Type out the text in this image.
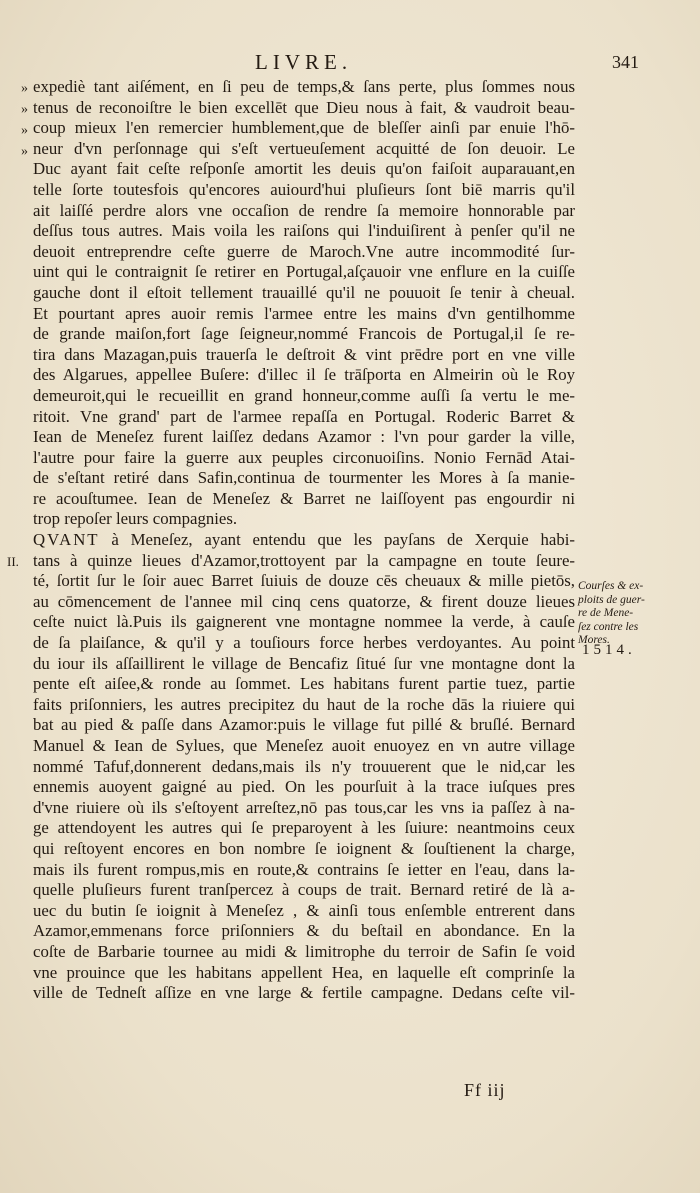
LIVRE.	341
»
»
»
»
expediè tant aiſément, en ſi peu de temps,& ſans perte, plus ſommes nous
tenus de reconoiſtre le bien excellēt que Dieu nous à fait, & vaudroit beau-
coup mieux l'en remercier humblement,que de bleſſer ainſi par enuie l'hō-
neur d'vn perſonnage qui s'eſt vertueuſement acquitté de ſon deuoir. Le
Duc ayant fait ceſte reſponſe amortit les deuis qu'on faiſoit auparauant,en
telle ſorte toutesfois qu'encores auiourd'hui pluſieurs ſont biē marris qu'il
ait laiſſé perdre alors vne occaſion de rendre ſa memoire honnorable par
deſſus tous autres. Mais voila les raiſons qui l'induiſirent à penſer qu'il ne
deuoit entreprendre ceſte guerre de Maroch.Vne autre incommodité ſur-
uint qui le contraignit ſe retirer en Portugal,aſçauoir vne enflure en la cuiſſe
gauche dont il eſtoit tellement trauaillé qu'il ne pouuoit ſe tenir à cheual.
Et pourtant apres auoir remis l'armee entre les mains d'vn gentilhomme
de grande maiſon,fort ſage ſeigneur,nommé Francois de Portugal,il ſe re-
tira dans Mazagan,puis trauerſa le deſtroit & vint prēdre port en vne ville
des Algarues, appellee Buſere: d'illec il ſe trāſporta en Almeirin où le Roy
demeuroit,qui le recueillit en grand honneur,comme auſſi ſa vertu le me-
ritoit. Vne grand' part de l'armee repaſſa en Portugal. Roderic Barret &
Iean de Meneſez furent laiſſez dedans Azamor : l'vn pour garder la ville,
l'autre pour faire la guerre aux peuples circonuoiſins. Nonio Fernād Atai-
de s'eſtant retiré dans Safin,continua de tourmenter les Mores à ſa manie-
re acouſtumee. Iean de Meneſez & Barret ne laiſſoyent pas engourdir ni
trop repoſer leurs compagnies.
II.
QVANT à Meneſez, ayant entendu que les payſans de Xerquie habi-
tans à quinze lieues d'Azamor,trottoyent par la campagne en toute ſeure-
té, ſortit ſur le ſoir auec Barret ſuiuis de douze cēs cheuaux & mille pietōs,
au cōmencement de l'annee mil cinq cens quatorze, & firent douze lieues
ceſte nuict là.Puis ils gaignerent vne montagne nommee la verde, à cauſe
de ſa plaiſance, & qu'il y a touſiours force herbes verdoyantes. Au point
du iour ils aſſaillirent le village de Bencafiz ſitué ſur vne montagne dont la
pente eſt aiſee,& ronde au ſommet. Les habitans furent partie tuez, partie
faits priſonniers, les autres precipitez du haut de la roche dās la riuiere qui
bat au pied & paſſe dans Azamor:puis le village fut pillé & bruſlé. Bernard
Manuel & Iean de Sylues, que Meneſez auoit enuoyez en vn autre village
nommé Tafuf,donnerent dedans,mais ils n'y trouuerent que le nid,car les
ennemis auoyent gaigné au pied. On les pourſuit à la trace iuſques pres
d'vne riuiere où ils s'eſtoyent arreſtez,nō pas tous,car les vns ia paſſez à na-
ge attendoyent les autres qui ſe preparoyent à les ſuiure: neantmoins ceux
qui reſtoyent encores en bon nombre ſe ioignent & ſouſtienent la charge,
mais ils furent rompus,mis en route,& contrains ſe ietter en l'eau, dans la-
quelle pluſieurs furent tranſpercez à coups de trait. Bernard retiré de là a-
uec du butin ſe ioignit à Meneſez , & ainſi tous enſemble entrerent dans
Azamor,emmenans force priſonniers & du beſtail en abondance. En la
coſte de Barbarie tournee au midi & limitrophe du terroir de Safin ſe void
vne prouince que les habitans appellent Hea, en laquelle eſt comprinſe la
ville de Tedneſt aſſize en vne large & fertile campagne. Dedans ceſte vil-
Courſes & ex-
ploits de guer-
re de Mene-
ſez contre les
Mores.
1514.
Ff iij
